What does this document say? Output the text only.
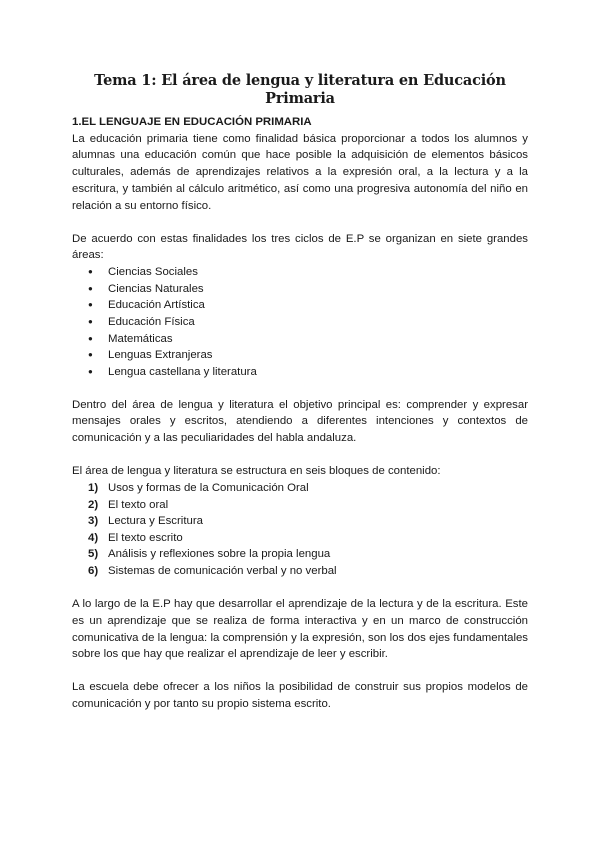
Tema 1: El área de lengua y literatura en Educación Primaria
1.EL LENGUAJE EN EDUCACIÓN PRIMARIA

La educación primaria tiene como finalidad básica proporcionar a todos los alumnos y alumnas una educación común que hace posible la adquisición de elementos básicos culturales, además de aprendizajes relativos a la expresión oral, a la lectura y a la escritura, y también al cálculo aritmético, así como una progresiva autonomía del niño en relación a su entorno físico.

De acuerdo con estas finalidades los tres ciclos de E.P se organizan en siete grandes áreas:

● Ciencias Sociales
● Ciencias Naturales
● Educación Artística
● Educación Física
● Matemáticas
● Lenguas Extranjeras
● Lengua castellana y literatura

Dentro del área de lengua y literatura el objetivo principal es: comprender y expresar mensajes orales y escritos, atendiendo a diferentes intenciones y contextos de comunicación y a las peculiaridades del habla andaluza.

El área de lengua y literatura se estructura en seis bloques de contenido:

1) Usos y formas de la Comunicación Oral
2) El texto oral
3) Lectura y Escritura
4) El texto escrito
5) Análisis y reflexiones sobre la propia lengua
6) Sistemas de comunicación verbal y no verbal

A lo largo de la E.P hay que desarrollar el aprendizaje de la lectura y de la escritura. Este es un aprendizaje que se realiza de forma interactiva y en un marco de construcción comunicativa de la lengua: la comprensión y la expresión, son los dos ejes fundamentales sobre los que hay que realizar el aprendizaje de leer y escribir.

La escuela debe ofrecer a los niños la posibilidad de construir sus propios modelos de comunicación y por tanto su propio sistema escrito.
